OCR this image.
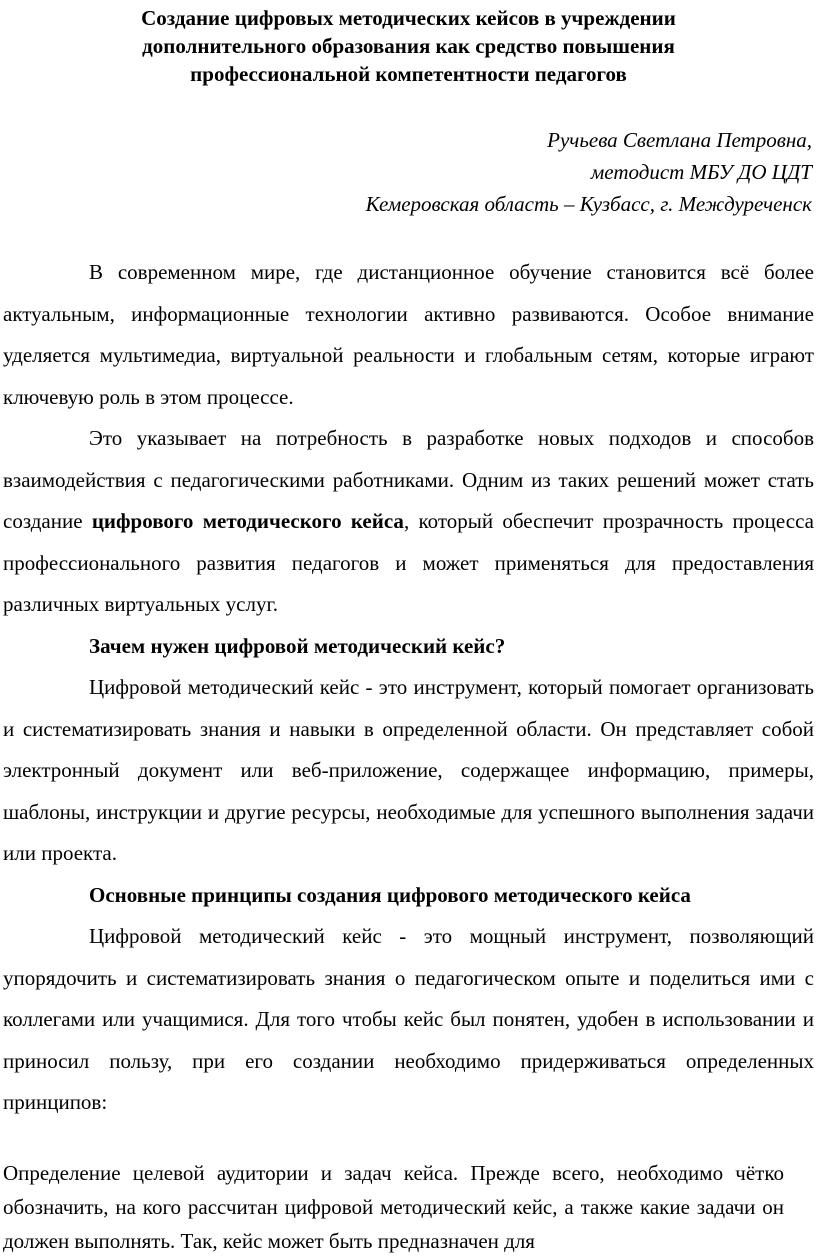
Создание цифровых методических кейсов в учреждении дополнительного образования как средство повышения профессиональной компетентности педагогов
Ручьева Светлана Петровна,
методист МБУ ДО ЦДТ
Кемеровская область – Кузбасс, г. Междуреченск

В современном мире, где дистанционное обучение становится всё более актуальным, информационные технологии активно развиваются. Особое внимание уделяется мультимедиа, виртуальной реальности и глобальным сетям, которые играют ключевую роль в этом процессе.

Это указывает на потребность в разработке новых подходов и способов взаимодействия с педагогическими работниками. Одним из таких решений может стать создание цифрового методического кейса, который обеспечит прозрачность процесса профессионального развития педагогов и может применяться для предоставления различных виртуальных услуг.

Зачем нужен цифровой методический кейс?

Цифровой методический кейс - это инструмент, который помогает организовать и систематизировать знания и навыки в определенной области. Он представляет собой электронный документ или веб-приложение, содержащее информацию, примеры, шаблоны, инструкции и другие ресурсы, необходимые для успешного выполнения задачи или проекта.

Основные принципы создания цифрового методического кейса

Цифровой методический кейс - это мощный инструмент, позволяющий упорядочить и систематизировать знания о педагогическом опыте и поделиться ими с коллегами или учащимися. Для того чтобы кейс был понятен, удобен в использовании и приносил пользу, при его создании необходимо придерживаться определенных принципов:

Определение целевой аудитории и задач кейса. Прежде всего, необходимо чётко обозначить, на кого рассчитан цифровой методический кейс, а также какие задачи он должен выполнять. Так, кейс может быть предназначен для
